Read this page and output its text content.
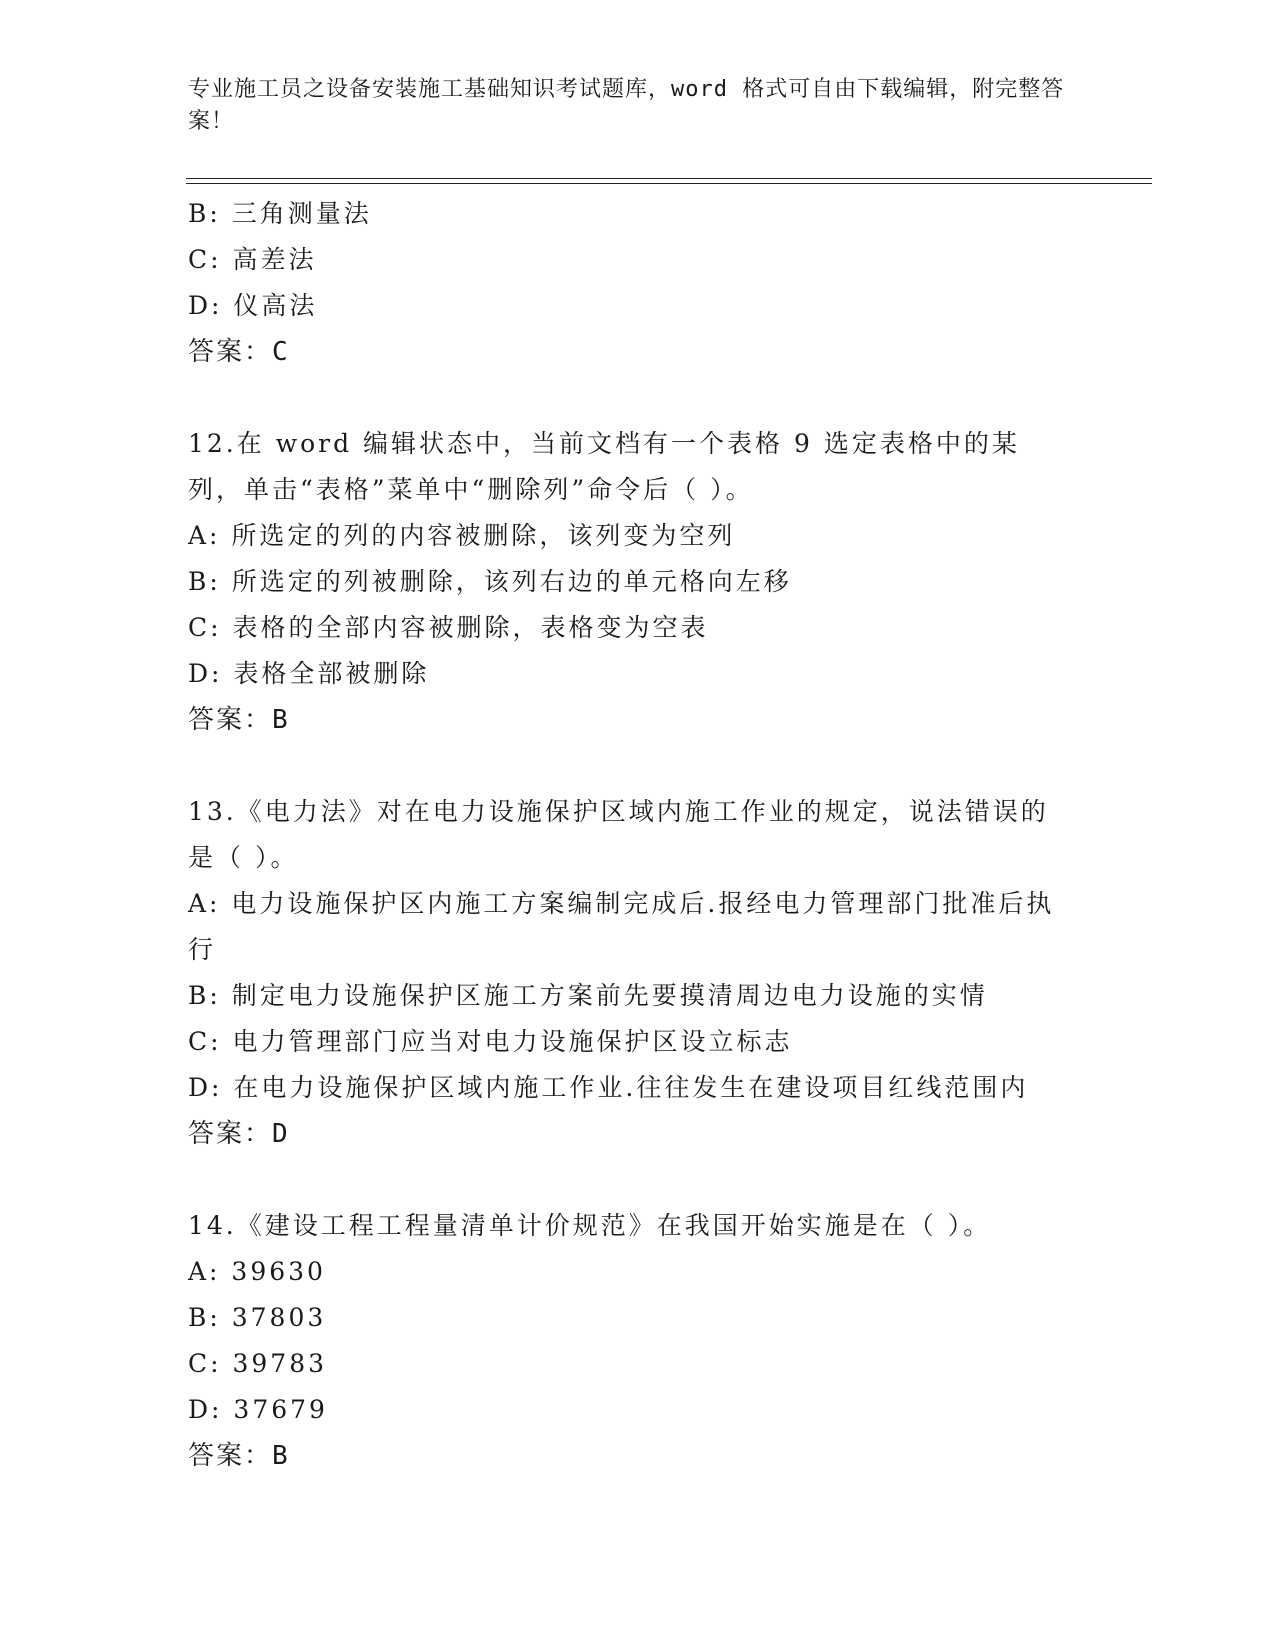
专业施工员之设备安装施工基础知识考试题库，word 格式可自由下载编辑，附完整答案！
B: 三角测量法
C: 高差法
D: 仪高法
答案：C
12.在 word 编辑状态中，当前文档有一个表格 9 选定表格中的某列，单击“表格”菜单中“删除列”命令后（ ）。
A: 所选定的列的内容被删除，该列变为空列
B: 所选定的列被删除，该列右边的单元格向左移
C: 表格的全部内容被删除，表格变为空表
D: 表格全部被删除
答案：B
13.《电力法》对在电力设施保护区域内施工作业的规定，说法错误的是（ ）。
A: 电力设施保护区内施工方案编制完成后.报经电力管理部门批准后执行
B: 制定电力设施保护区施工方案前先要摸清周边电力设施的实情
C: 电力管理部门应当对电力设施保护区设立标志
D: 在电力设施保护区域内施工作业.往往发生在建设项目红线范围内
答案：D
14.《建设工程工程量清单计价规范》在我国开始实施是在（ ）。
A: 39630
B: 37803
C: 39783
D: 37679
答案：B
